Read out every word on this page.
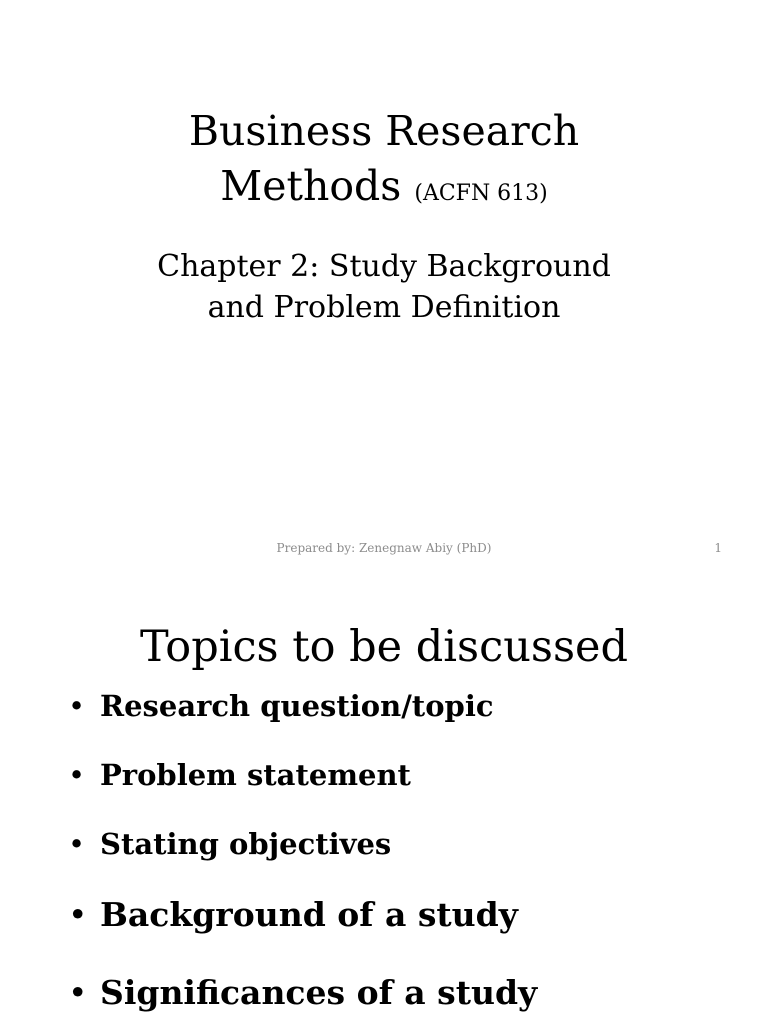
Business Research
Methods (ACFN 613)
Chapter 2: Study Background
and Problem Definition
Prepared by: Zenegnaw Abiy (PhD)	1
Topics to be discussed
• Research question/topic
• Problem statement
• Stating objectives
• Background of a study
• Significances of a study
